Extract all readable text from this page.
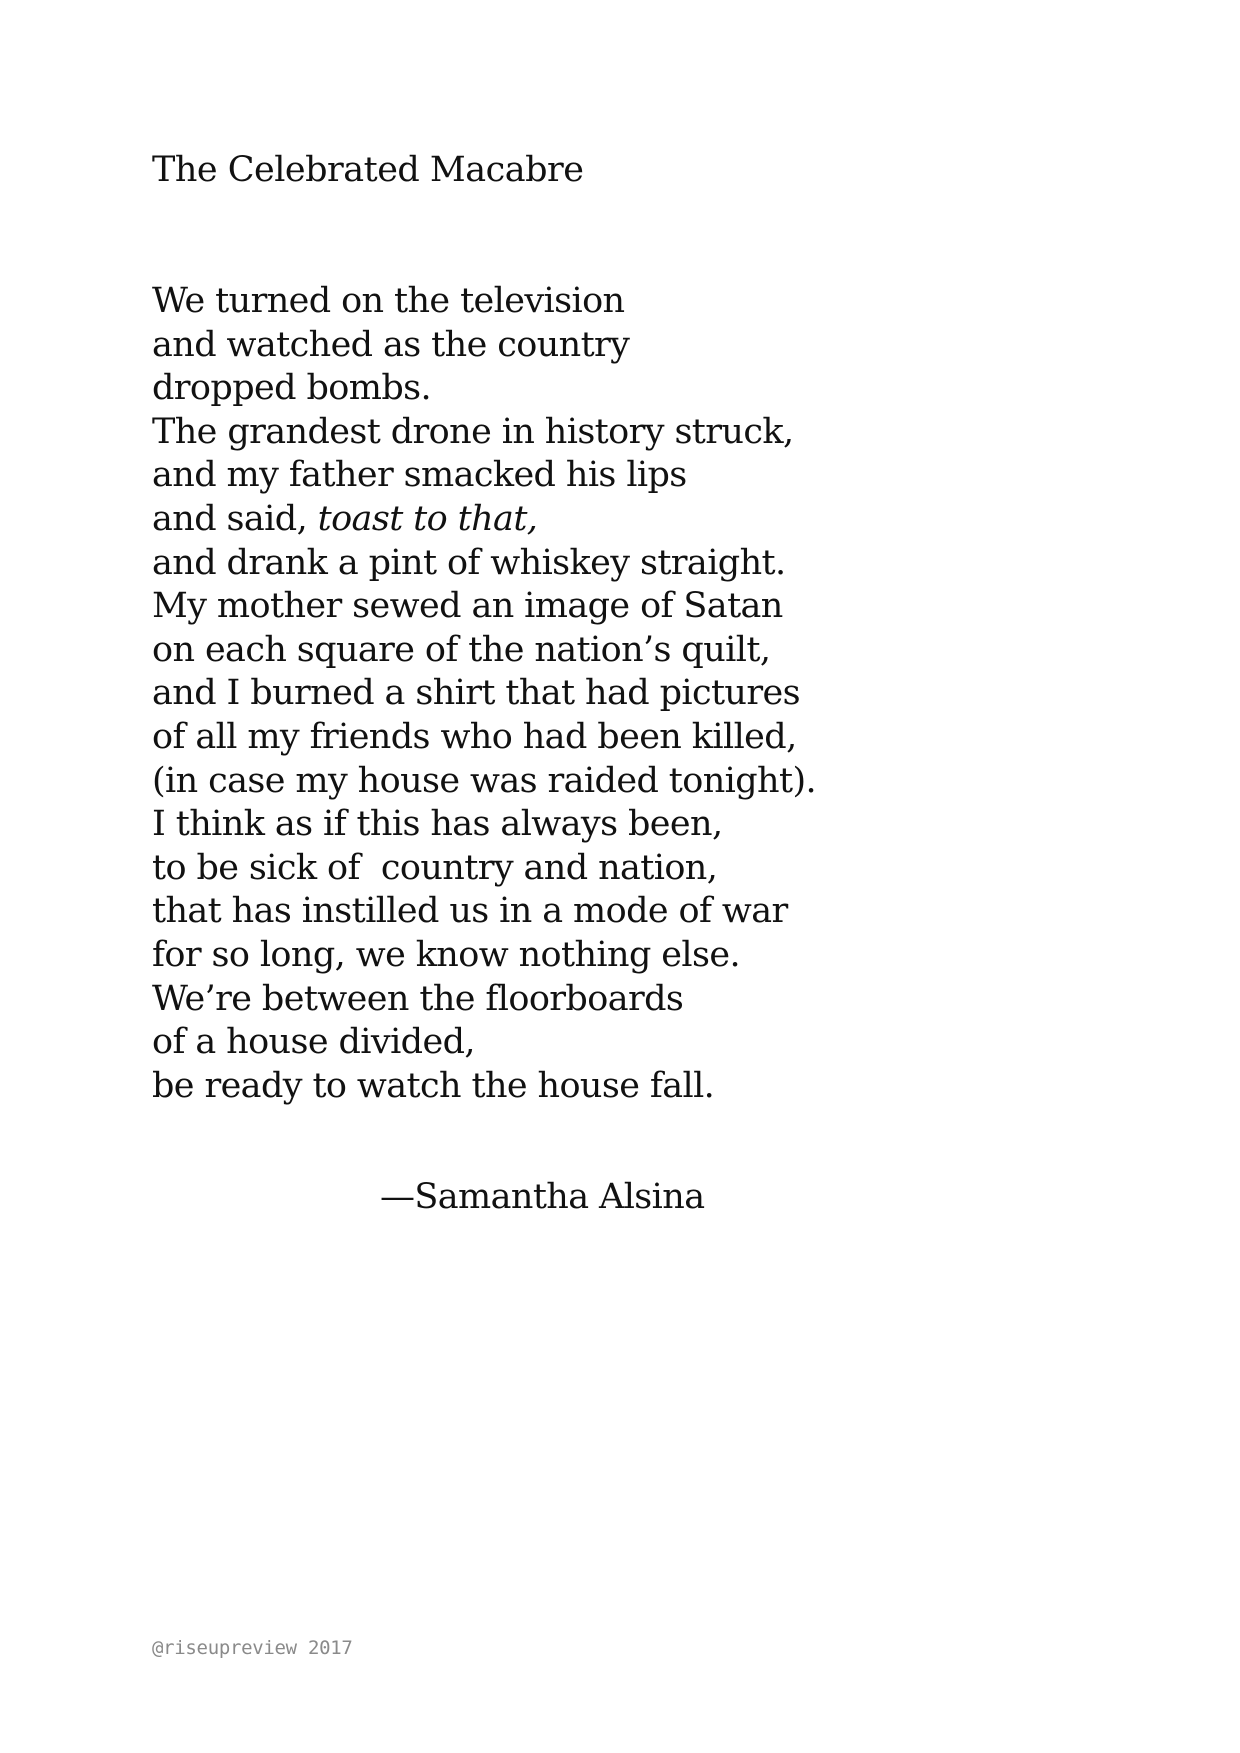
The Celebrated Macabre
We turned on the television
and watched as the country
dropped bombs.
The grandest drone in history struck,
and my father smacked his lips
and said, toast to that,
and drank a pint of whiskey straight.
My mother sewed an image of Satan
on each square of the nation’s quilt,
and I burned a shirt that had pictures
of all my friends who had been killed,
(in case my house was raided tonight).
I think as if this has always been,
to be sick of  country and nation,
that has instilled us in a mode of war
for so long, we know nothing else.
We’re between the floorboards
of a house divided,
be ready to watch the house fall.
—Samantha Alsina
@riseupreview 2017
